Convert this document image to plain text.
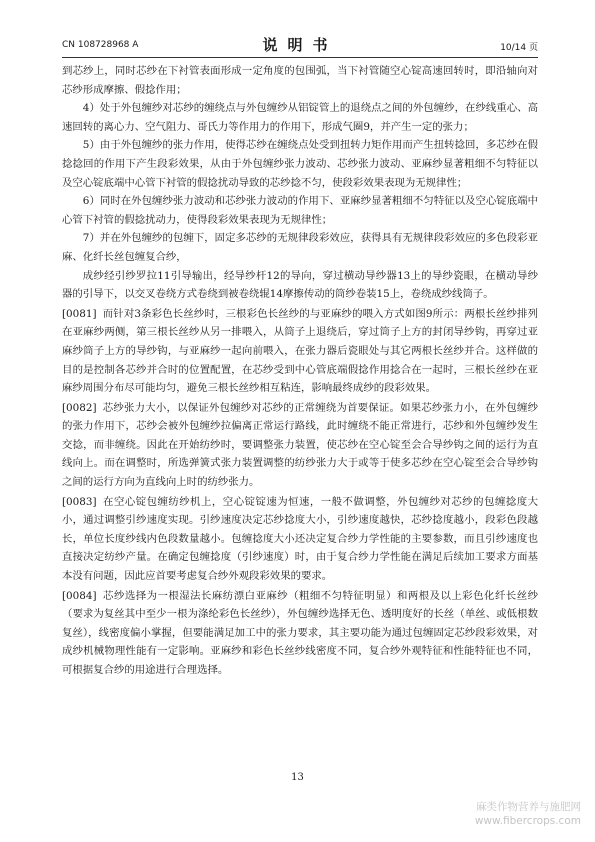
CN 108728968 A	说明书	10/14 页

到芯纱上，同时芯纱在下衬管表面形成一定角度的包围弧，当下衬管随空心锭高速回转时，即沿轴向对芯纱形成摩擦、假捻作用；

4）处于外包缠纱对芯纱的缠绕点与外包缠纱从铝锭管上的退绕点之间的外包缠纱，在纱线重心、高速回转的离心力、空气阻力、哥氏力等作用力的作用下，形成气圈9，并产生一定的张力；

5）由于外包缠纱的张力作用，使得芯纱在缠绕点处受到扭转力矩作用而产生扭转捻回，多芯纱在假捻捻回的作用下产生段彩效果，从由于外包缠纱张力波动、芯纱张力波动、亚麻纱显著粗细不匀特征以及空心锭底端中心管下衬管的假捻扰动导致的芯纱捻不匀，使段彩效果表现为无规律性；

6）同时在外包缠纱张力波动和芯纱张力波动的作用下、亚麻纱显著粗细不匀特征以及空心锭底端中心管下衬管的假捻扰动力，使得段彩效果表现为无规律性；

7）并在外包缠纱的包缠下，固定多芯纱的无规律段彩效应，获得具有无规律段彩效应的多色段彩亚麻、化纤长丝包缠复合纱，

成纱经引纱罗拉11引导输出，经导纱杆12的导向，穿过横动导纱器13上的导纱瓷眼，在横动导纱器的引导下，以交叉卷绕方式卷绕到被卷绕辊14摩擦传动的筒纱卷装15上，卷绕成纱线筒子。

[0081] 而针对3条彩色长丝纱时，三根彩色长丝纱的与亚麻纱的喂入方式如图9所示：两根长丝纱排列在亚麻纱两侧，第三根长丝纱从另一排喂入，从筒子上退绕后，穿过筒子上方的封闭导纱钩，再穿过亚麻纱筒子上方的导纱钩，与亚麻纱一起向前喂入，在张力器后瓷眼处与其它两根长丝纱并合。这样做的目的是控制各芯纱并合时的位置配置，在芯纱受到中心管底端假捻作用捻合在一起时，三根长丝纱在亚麻纱周围分布尽可能均匀，避免三根长丝纱相互粘连，影响最终成纱的段彩效果。

[0082] 芯纱张力大小，以保证外包缠纱对芯纱的正常缠绕为首要保证。如果芯纱张力小，在外包缠纱的张力作用下，芯纱会被外包缠纱拉偏离正常运行路线，此时缠绕不能正常进行，芯纱和外包缠纱发生交捻，而非缠绕。因此在开始纺纱时，要调整张力装置，使芯纱在空心锭至会合导纱钩之间的运行为直线向上。而在调整时，所选弹簧式张力装置调整的纺纱张力大于或等于使多芯纱在空心锭至会合导纱钩之间的运行方向为直线向上时的纺纱张力。

[0083] 在空心锭包缠纺纱机上，空心锭锭速为恒速，一般不做调整，外包缠纱对芯纱的包缠捻度大小，通过调整引纱速度实现。引纱速度决定芯纱捻度大小，引纱速度越快，芯纱捻度越小，段彩色段越长，单位长度纱线内色段数量越小。包缠捻度大小还决定复合纱力学性能的主要参数，而且引纱速度也直接决定纺纱产量。在确定包缠捻度（引纱速度）时，由于复合纱力学性能在满足后续加工要求方面基本没有问题，因此应首要考虑复合纱外观段彩效果的要求。

[0084] 芯纱选择为一根湿法长麻纺漂白亚麻纱（粗细不匀特征明显）和两根及以上彩色化纤长丝纱（要求为复丝其中至少一根为涤纶彩色长丝纱），外包缠纱选择无色、透明度好的长丝（单丝、或低根数复丝），线密度偏小掌握，但要能满足加工中的张力要求，其主要功能为通过包缠固定芯纱段彩效果，对成纱机械物理性能有一定影响。亚麻纱和彩色长丝纱线密度不同，复合纱外观特征和性能特征也不同，可根据复合纱的用途进行合理选择。

13
麻类作物营养与施肥网
www.fibercrops.com
